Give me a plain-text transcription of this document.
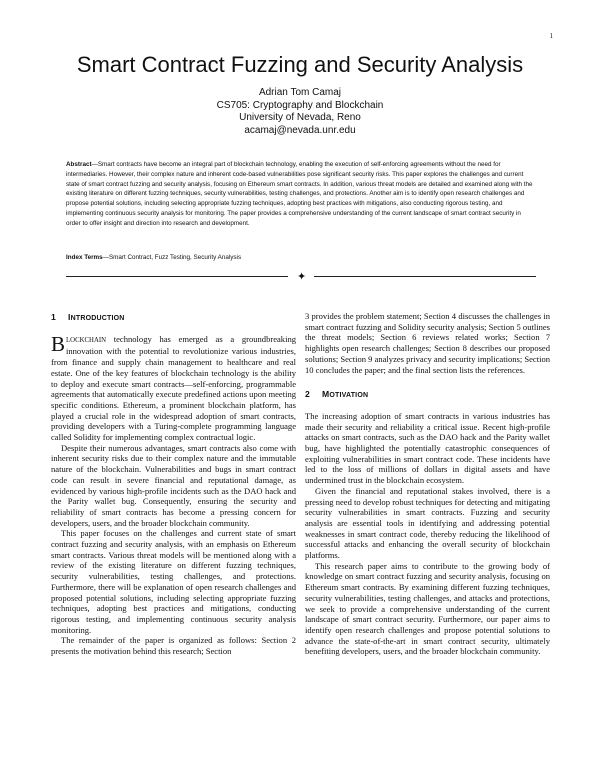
1
Smart Contract Fuzzing and Security Analysis
Adrian Tom Camaj
CS705: Cryptography and Blockchain
University of Nevada, Reno
acamaj@nevada.unr.edu
Abstract—Smart contracts have become an integral part of blockchain technology, enabling the execution of self-enforcing agreements without the need for intermediaries. However, their complex nature and inherent code-based vulnerabilities pose significant security risks. This paper explores the challenges and current state of smart contract fuzzing and security analysis, focusing on Ethereum smart contracts. In addition, various threat models are detailed and examined along with the existing literature on different fuzzing techniques, security vulnerabilities, testing challenges, and protections. Another aim is to identify open research challenges and propose potential solutions, including selecting appropriate fuzzing techniques, adopting best practices with mitigations, also conducting rigorous testing, and implementing continuous security analysis for monitoring. The paper provides a comprehensive understanding of the current landscape of smart contract security in order to offer insight and direction into research and development.
Index Terms—Smart Contract, Fuzz Testing, Security Analysis
✦
1 INTRODUCTION

BLOCKCHAIN technology has emerged as a groundbreaking innovation with the potential to revolutionize various industries, from finance and supply chain management to healthcare and real estate. One of the key features of blockchain technology is the ability to deploy and execute smart contracts—self-enforcing, programmable agreements that automatically execute predefined actions upon meeting specific conditions. Ethereum, a prominent blockchain platform, has played a crucial role in the widespread adoption of smart contracts, providing developers with a Turing-complete programming language called Solidity for implementing complex contractual logic.

Despite their numerous advantages, smart contracts also come with inherent security risks due to their complex nature and the immutable nature of the blockchain. Vulnerabilities and bugs in smart contract code can result in severe financial and reputational damage, as evidenced by various high-profile incidents such as the DAO hack and the Parity wallet bug. Consequently, ensuring the security and reliability of smart contracts has become a pressing concern for developers, users, and the broader blockchain community.

This paper focuses on the challenges and current state of smart contract fuzzing and security analysis, with an emphasis on Ethereum smart contracts. Various threat models will be mentioned along with a review of the existing literature on different fuzzing techniques, security vulnerabilities, testing challenges, and protections. Furthermore, there will be explanation of open research challenges and proposed potential solutions, including selecting appropriate fuzzing techniques, adopting best practices and mitigations, conducting rigorous testing, and implementing continuous security analysis monitoring.

The remainder of the paper is organized as follows: Section 2 presents the motivation behind this research; Section

3 provides the problem statement; Section 4 discusses the challenges in smart contract fuzzing and Solidity security analysis; Section 5 outlines the threat models; Section 6 reviews related works; Section 7 highlights open research challenges; Section 8 describes our proposed solutions; Section 9 analyzes privacy and security implications; Section 10 concludes the paper; and the final section lists the references.

2 MOTIVATION

The increasing adoption of smart contracts in various industries has made their security and reliability a critical issue. Recent high-profile attacks on smart contracts, such as the DAO hack and the Parity wallet bug, have highlighted the potentially catastrophic consequences of exploiting vulnerabilities in smart contract code. These incidents have led to the loss of millions of dollars in digital assets and have undermined trust in the blockchain ecosystem.

Given the financial and reputational stakes involved, there is a pressing need to develop robust techniques for detecting and mitigating security vulnerabilities in smart contracts. Fuzzing and security analysis are essential tools in identifying and addressing potential weaknesses in smart contract code, thereby reducing the likelihood of successful attacks and enhancing the overall security of blockchain platforms.

This research paper aims to contribute to the growing body of knowledge on smart contract fuzzing and security analysis, focusing on Ethereum smart contracts. By examining different fuzzing techniques, security vulnerabilities, testing challenges, and attacks and protections, we seek to provide a comprehensive understanding of the current landscape of smart contract security. Furthermore, our paper aims to identify open research challenges and propose potential solutions to advance the state-of-the-art in smart contract security, ultimately benefiting developers, users, and the broader blockchain community.
